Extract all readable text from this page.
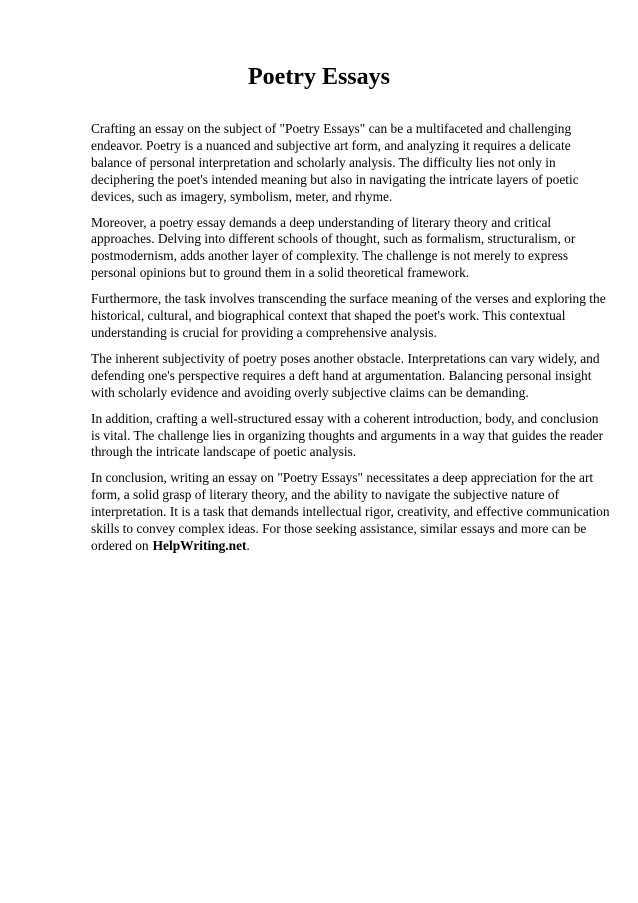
Poetry Essays

Crafting an essay on the subject of "Poetry Essays" can be a multifaceted and challenging
endeavor. Poetry is a nuanced and subjective art form, and analyzing it requires a delicate
balance of personal interpretation and scholarly analysis. The difficulty lies not only in
deciphering the poet's intended meaning but also in navigating the intricate layers of poetic
devices, such as imagery, symbolism, meter, and rhyme.

Moreover, a poetry essay demands a deep understanding of literary theory and critical
approaches. Delving into different schools of thought, such as formalism, structuralism, or
postmodernism, adds another layer of complexity. The challenge is not merely to express
personal opinions but to ground them in a solid theoretical framework.

Furthermore, the task involves transcending the surface meaning of the verses and exploring the
historical, cultural, and biographical context that shaped the poet's work. This contextual
understanding is crucial for providing a comprehensive analysis.

The inherent subjectivity of poetry poses another obstacle. Interpretations can vary widely, and
defending one's perspective requires a deft hand at argumentation. Balancing personal insight
with scholarly evidence and avoiding overly subjective claims can be demanding.

In addition, crafting a well-structured essay with a coherent introduction, body, and conclusion
is vital. The challenge lies in organizing thoughts and arguments in a way that guides the reader
through the intricate landscape of poetic analysis.

In conclusion, writing an essay on "Poetry Essays" necessitates a deep appreciation for the art
form, a solid grasp of literary theory, and the ability to navigate the subjective nature of
interpretation. It is a task that demands intellectual rigor, creativity, and effective communication
skills to convey complex ideas. For those seeking assistance, similar essays and more can be
ordered on HelpWriting.net.
